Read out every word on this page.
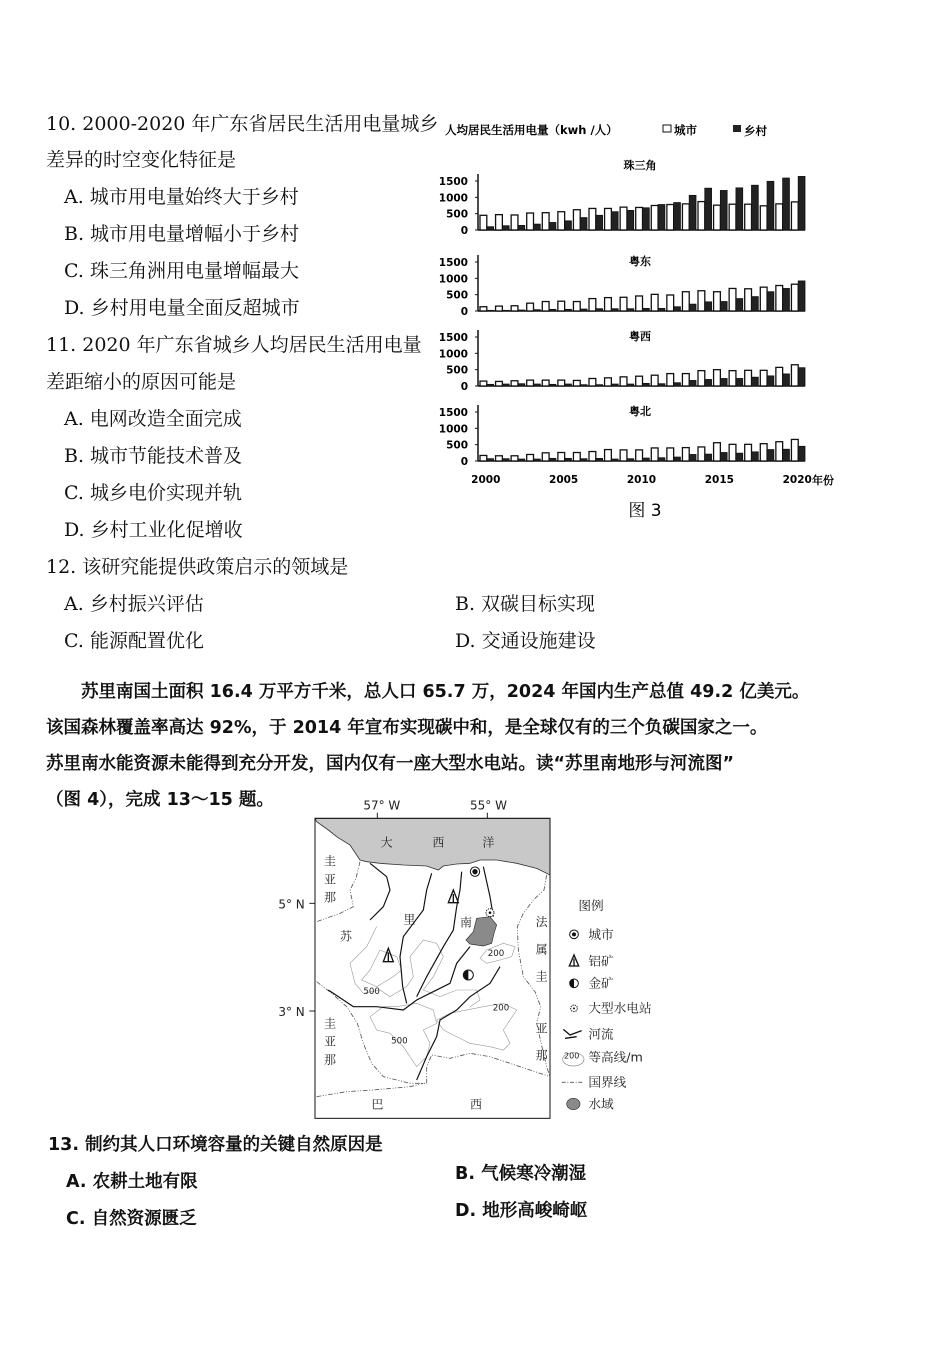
10. 2000-2020 年广东省居民生活用电量城乡
差异的时空变化特征是
A. 城市用电量始终大于乡村
B. 城市用电量增幅小于乡村
C. 珠三角洲用电量增幅最大
D. 乡村用电量全面反超城市
11. 2020 年广东省城乡人均居民生活用电量
差距缩小的原因可能是
A. 电网改造全面完成
B. 城市节能技术普及
C. 城乡电价实现并轨
D. 乡村工业化促增收
12. 该研究能提供政策启示的领域是
A. 乡村振兴评估	B. 双碳目标实现
C. 能源配置优化	D. 交通设施建设
人均居民生活用电量（kwh /人）	城市	乡村
0
500
1000
1500
珠三角
0
500
1000
1500	粤东
0
500
1000
1500	粤西
0
500
1000
1500	粤北
2000	2005	2010	2015	2020 年份
图 3
　　苏里南国土面积 16.4 万平方千米，总人口 65.7 万，2024 年国内生产总值 49.2 亿美元。
该国森林覆盖率高达 92%，于 2014 年宣布实现碳中和，是全球仅有的三个负碳国家之一。
苏里南水能资源未能得到充分开发，国内仅有一座大型水电站。读“苏里南地形与河流图”
（图 4），完成 13～15 题。	57° W 55° W
5° N
3° N
大 西 洋
苏
里 南
圭
亚
那
圭
亚
那
法
属
圭
亚
那
巴 西
500
500
200
200
图例
城市
铝矿
金矿
大型水电站
河流
200 等高线/m
国界线
水域
13. 制约其人口环境容量的关键自然原因是
A. 农耕土地有限	B. 气候寒冷潮湿
C. 自然资源匮乏	D. 地形高峻崎岖
